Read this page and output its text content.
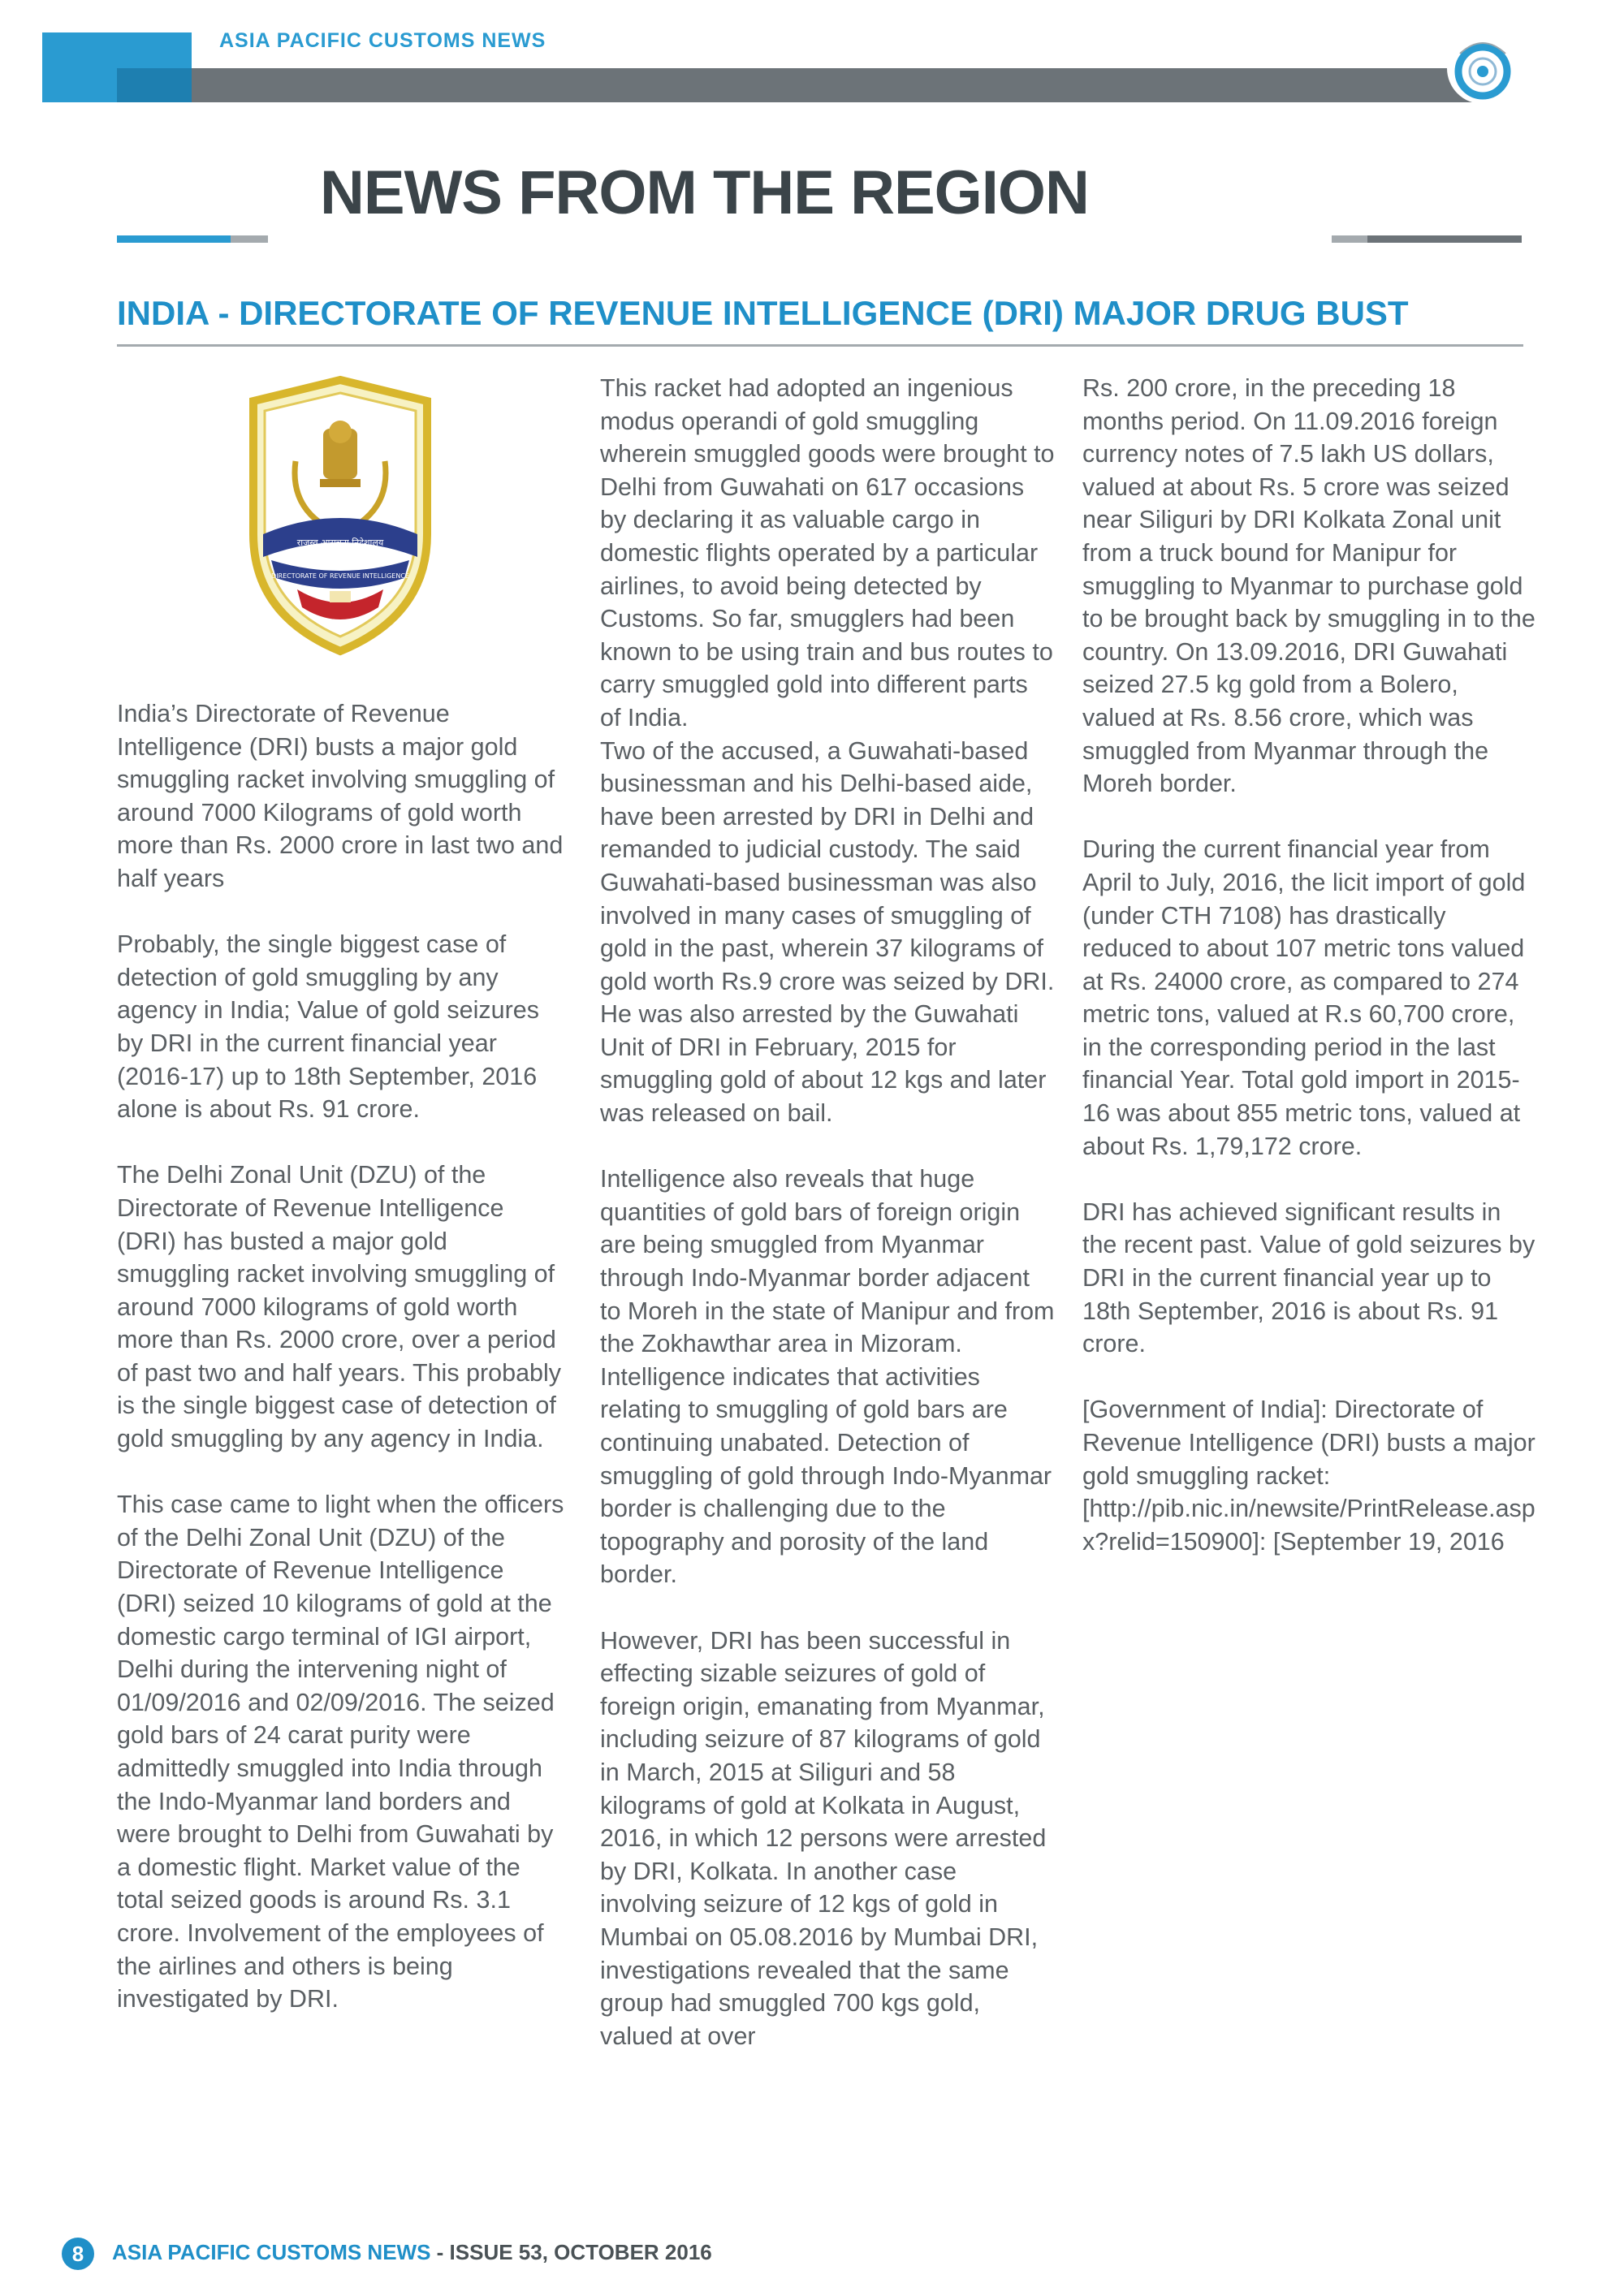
ASIA PACIFIC CUSTOMS NEWS
NEWS FROM THE REGION
INDIA - DIRECTORATE OF REVENUE INTELLIGENCE (DRI) MAJOR DRUG BUST
राजस्व आसूचना निदेशालय
DIRECTORATE OF REVENUE INTELLIGENCE

India’s Directorate of Revenue Intelligence (DRI) busts a major gold smuggling racket involving smuggling of around 7000 Kilograms of gold worth more than Rs. 2000 crore in last two and half years

Probably, the single biggest case of detection of gold smuggling by any agency in India; Value of gold seizures by DRI in the current financial year (2016-17) up to 18th September, 2016 alone is about Rs. 91 crore.

The Delhi Zonal Unit (DZU) of the Directorate of Revenue Intelligence (DRI) has busted a major gold smuggling racket involving smuggling of around 7000 kilograms of gold worth more than Rs. 2000 crore, over a period of past two and half years. This probably is the single biggest case of detection of gold smuggling by any agency in India.

This case came to light when the officers of the Delhi Zonal Unit (DZU) of the Directorate of Revenue Intelligence (DRI) seized 10 kilograms of gold at the domestic cargo terminal of IGI airport, Delhi during the intervening night of 01/09/2016 and 02/09/2016. The seized gold bars of 24 carat purity were admittedly smuggled into India through the Indo-Myanmar land borders and were brought to Delhi from Guwahati by a domestic flight. Market value of the total seized goods is around Rs. 3.1 crore. Involvement of the employees of the airlines and others is being investigated by DRI.

This racket had adopted an ingenious modus operandi of gold smuggling wherein smuggled goods were brought to Delhi from Guwahati on 617 occasions by declaring it as valuable cargo in domestic flights operated by a particular airlines, to avoid being detected by Customs. So far, smugglers had been known to be using train and bus routes to carry smuggled gold into different parts of India.
Two of the accused, a Guwahati-based businessman and his Delhi-based aide, have been arrested by DRI in Delhi and remanded to judicial custody. The said Guwahati-based businessman was also involved in many cases of smuggling of gold in the past, wherein 37 kilograms of gold worth Rs.9 crore was seized by DRI. He was also arrested by the Guwahati Unit of DRI in February, 2015 for smuggling gold of about 12 kgs and later was released on bail.

Intelligence also reveals that huge quantities of gold bars of foreign origin are being smuggled from Myanmar through Indo-Myanmar border adjacent to Moreh in the state of Manipur and from the Zokhawthar area in Mizoram. Intelligence indicates that activities relating to smuggling of gold bars are continuing unabated. Detection of smuggling of gold through Indo-Myanmar border is challenging due to the topography and porosity of the land border.

However, DRI has been successful in effecting sizable seizures of gold of foreign origin, emanating from Myanmar, including seizure of 87 kilograms of gold in March, 2015 at Siliguri and 58 kilograms of gold at Kolkata in August, 2016, in which 12 persons were arrested by DRI, Kolkata. In another case involving seizure of 12 kgs of gold in Mumbai on 05.08.2016 by Mumbai DRI, investigations revealed that the same group had smuggled 700 kgs gold, valued at over

Rs. 200 crore, in the preceding 18 months period. On 11.09.2016 foreign currency notes of 7.5 lakh US dollars, valued at about Rs. 5 crore was seized near Siliguri by DRI Kolkata Zonal unit from a truck bound for Manipur for smuggling to Myanmar to purchase gold to be brought back by smuggling in to the country. On 13.09.2016, DRI Guwahati seized 27.5 kg gold from a Bolero, valued at Rs. 8.56 crore, which was smuggled from Myanmar through the Moreh border.

During the current financial year from April to July, 2016, the licit import of gold (under CTH 7108) has drastically reduced to about 107 metric tons valued at Rs. 24000 crore, as compared to 274 metric tons, valued at R.s 60,700 crore, in the corresponding period in the last financial Year. Total gold import in 2015-16 was about 855 metric tons, valued at about Rs. 1,79,172 crore.

DRI has achieved significant results in the recent past. Value of gold seizures by DRI in the current financial year up to 18th September, 2016 is about Rs. 91 crore.

[Government of India]: Directorate of Revenue Intelligence (DRI) busts a major gold smuggling racket: [http://pib.nic.in/newsite/PrintRelease.aspx?relid=150900]: [September 19, 2016

8	ASIA PACIFIC CUSTOMS NEWS - ISSUE 53, OCTOBER 2016
